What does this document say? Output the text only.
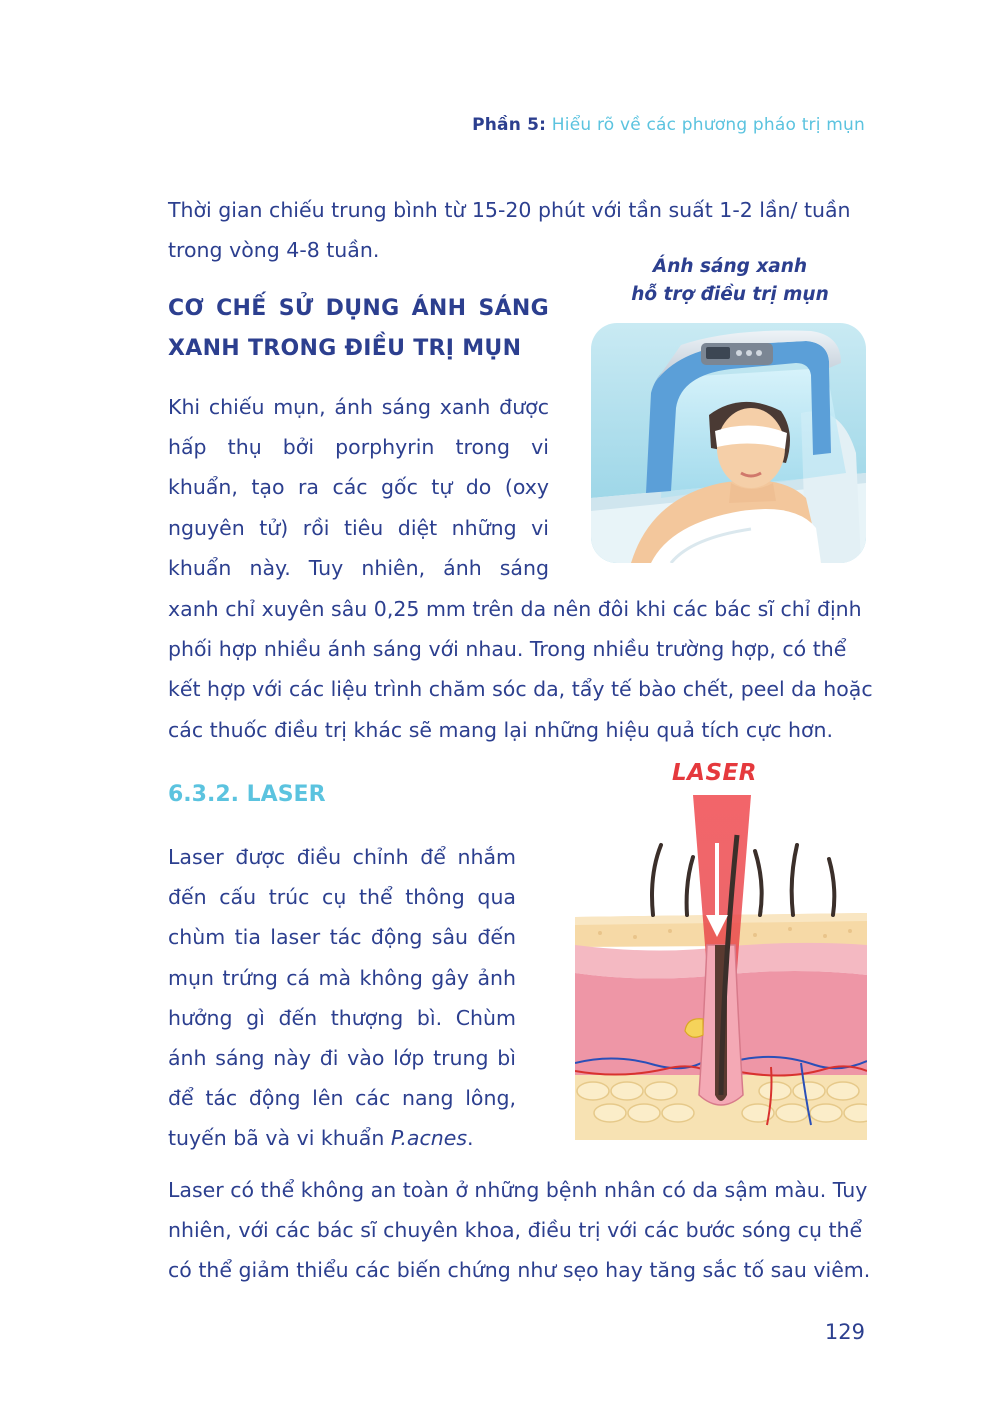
Phần 5: Hiểu rõ về các phương pháo trị mụn

Thời gian chiếu trung bình từ 15-20 phút với tần suất 1-2 lần/ tuần

trong vòng 4-8 tuần.

Ánh sáng xanh
hỗ trợ điều trị mụn

CƠ CHẾ SỬ DỤNG ÁNH SÁNG

XANH TRONG ĐIỀU TRỊ MỤN

Khi chiếu mụn, ánh sáng xanh được

hấp thụ bởi porphyrin trong vi

khuẩn, tạo ra các gốc tự do (oxy

nguyên tử) rồi tiêu diệt những vi

khuẩn này. Tuy nhiên, ánh sáng

xanh chỉ xuyên sâu 0,25 mm trên da nên đôi khi các bác sĩ chỉ định

phối hợp nhiều ánh sáng với nhau. Trong nhiều trường hợp, có thể

kết hợp với các liệu trình chăm sóc da, tẩy tế bào chết, peel da hoặc

các thuốc điều trị khác sẽ mang lại những hiệu quả tích cực hơn.

LASER

6.3.2. LASER

Laser được điều chỉnh để nhắm

đến cấu trúc cụ thể thông qua

chùm tia laser tác động sâu đến

mụn trứng cá mà không gây ảnh

hưởng gì đến thượng bì. Chùm

ánh sáng này đi vào lớp trung bì

để tác động lên các nang lông,

tuyến bã và vi khuẩn P.acnes.

Laser có thể không an toàn ở những bệnh nhân có da sậm màu. Tuy

nhiên, với các bác sĩ chuyên khoa, điều trị với các bước sóng cụ thể

có thể giảm thiểu các biến chứng như sẹo hay tăng sắc tố sau viêm.

129
